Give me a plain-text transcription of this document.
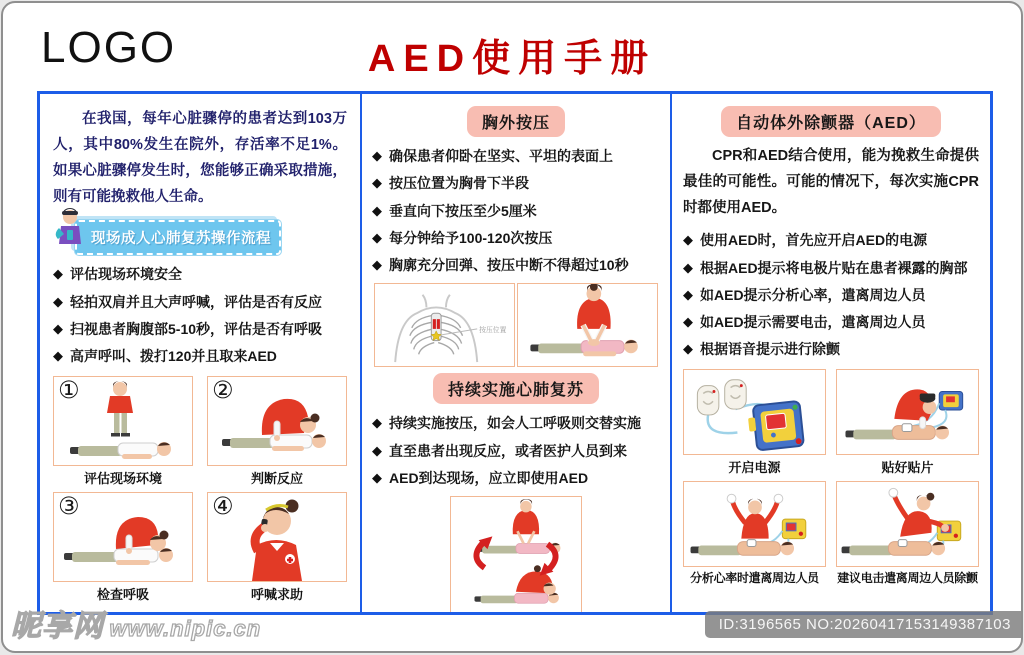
LOGO	AED使用手册

在我国，每年心脏骤停的患者达到103万人，其中80%发生在院外，存活率不足1%。如果心脏骤停发生时，您能够正确采取措施，则有可能挽救他人生命。

现场成人心肺复苏操作流程
◆ 评估现场环境安全
◆ 轻拍双肩并且大声呼喊，评估是否有反应
◆ 扫视患者胸腹部5-10秒，评估是否有呼吸
◆ 高声呼叫、拨打120并且取来AED
①
评估现场环境
②
判断反应
③
检查呼吸
④
呼喊求助
胸外按压
◆ 确保患者仰卧在坚实、平坦的表面上
◆ 按压位置为胸骨下半段
◆ 垂直向下按压至少5厘米
◆ 每分钟给予100-120次按压
◆ 胸廓充分回弹、按压中断不得超过10秒
按压位置
持续实施心肺复苏
◆ 持续实施按压，如会人工呼吸则交替实施
◆ 直至患者出现反应，或者医护人员到来
◆ AED到达现场，应立即使用AED
自动体外除颤器（AED）

CPR和AED结合使用，能为挽救生命提供最佳的可能性。可能的情况下，每次实施CPR时都使用AED。

◆ 使用AED时，首先应开启AED的电源
◆ 根据AED提示将电极片贴在患者裸露的胸部
◆ 如AED提示分析心率，遣离周边人员
◆ 如AED提示需要电击，遣离周边人员
◆ 根据语音提示进行除颤
开启电源	贴好贴片
分析心率时遣离周边人员	建议电击遣离周边人员除颤
昵享网 www.nipic.cn	ID:3196565 NO:20260417153149387103
